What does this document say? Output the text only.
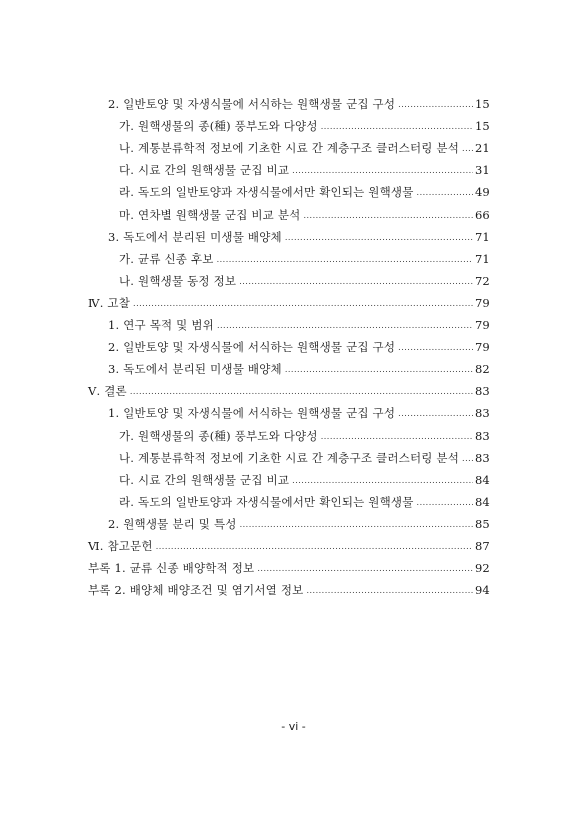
2. 일반토양 및 자생식물에 서식하는 원핵생물 군집 구성 .....	15
가. 원핵생물의 종(種) 풍부도와 다양성 .....	15
나. 계통분류학적 정보에 기초한 시료 간 계층구조 클러스터링 분석 ..... 21
다. 시료 간의 원핵생물 군집 비교 .....	31
라. 독도의 일반토양과 자생식물에서만 확인되는 원핵생물 .....	49
마. 연차별 원핵생물 군집 비교 분석 .....	66
3. 독도에서 분리된 미생물 배양체 .....	71
가. 균류 신종 후보 .....	71
나. 원핵생물 동정 정보 .....	72
Ⅳ. 고찰 .....	79
1. 연구 목적 및 범위 .....	79
2. 일반토양 및 자생식물에 서식하는 원핵생물 군집 구성 .....	79
3. 독도에서 분리된 미생물 배양체 .....	82
Ⅴ. 결론 .....	83
1. 일반토양 및 자생식물에 서식하는 원핵생물 군집 구성 .....	83
가. 원핵생물의 종(種) 풍부도와 다양성 .....	83
나. 계통분류학적 정보에 기초한 시료 간 계층구조 클러스터링 분석 ..... 83
다. 시료 간의 원핵생물 군집 비교 .....	84
라. 독도의 일반토양과 자생식물에서만 확인되는 원핵생물 .....	84
2. 원핵생물 분리 및 특성 .....	85
Ⅵ. 참고문헌 .....	87
부록 1. 균류 신종 배양학적 정보 .....	92
부록 2. 배양체 배양조건 및 염기서열 정보 .....	94
- vi -
